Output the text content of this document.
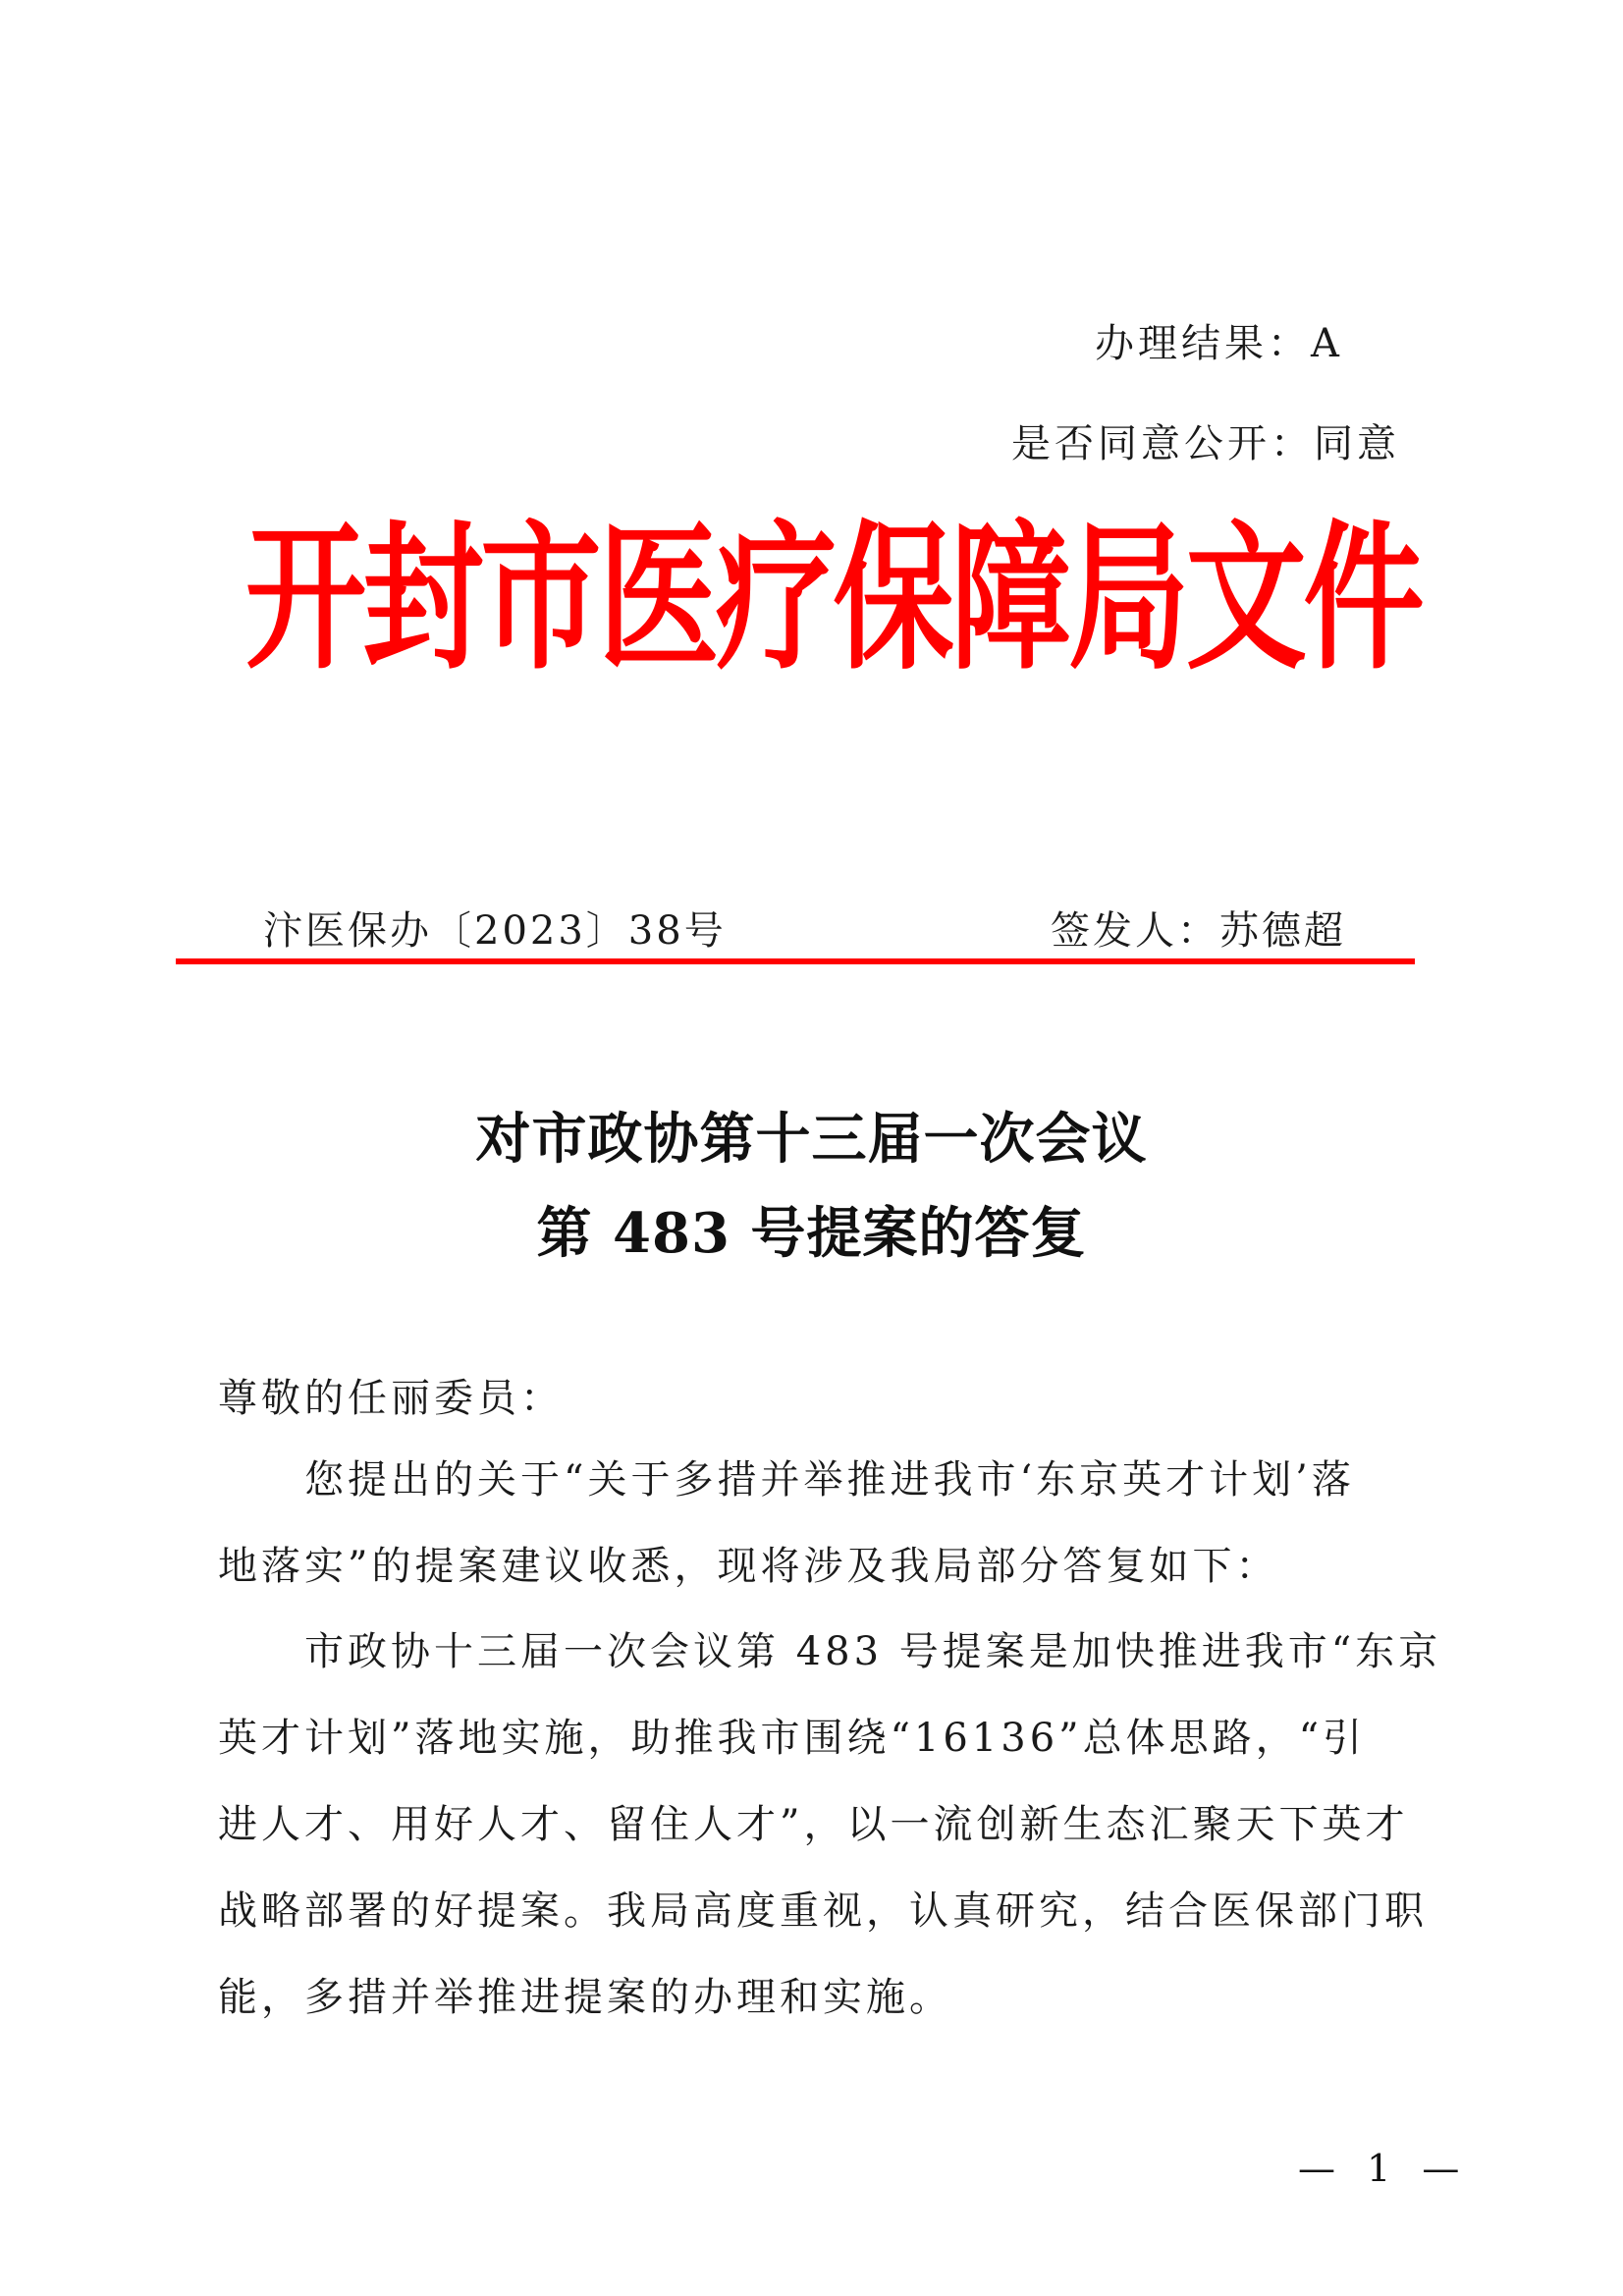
办理结果：A
是否同意公开：同意
开封市医疗保障局文件
汴医保办〔2023〕38号	签发人：苏德超
对市政协第十三届一次会议
第 483 号提案的答复
尊敬的任丽委员：
您提出的关于“关于多措并举推进我市‘东京英才计划’落
地落实”的提案建议收悉，现将涉及我局部分答复如下：
市政协十三届一次会议第 483 号提案是加快推进我市“东京
英才计划”落地实施，助推我市围绕“16136”总体思路，“引
进人才、用好人才、留住人才”，以一流创新生态汇聚天下英才
战略部署的好提案。我局高度重视，认真研究，结合医保部门职
能，多措并举推进提案的办理和实施。
— 1 —
